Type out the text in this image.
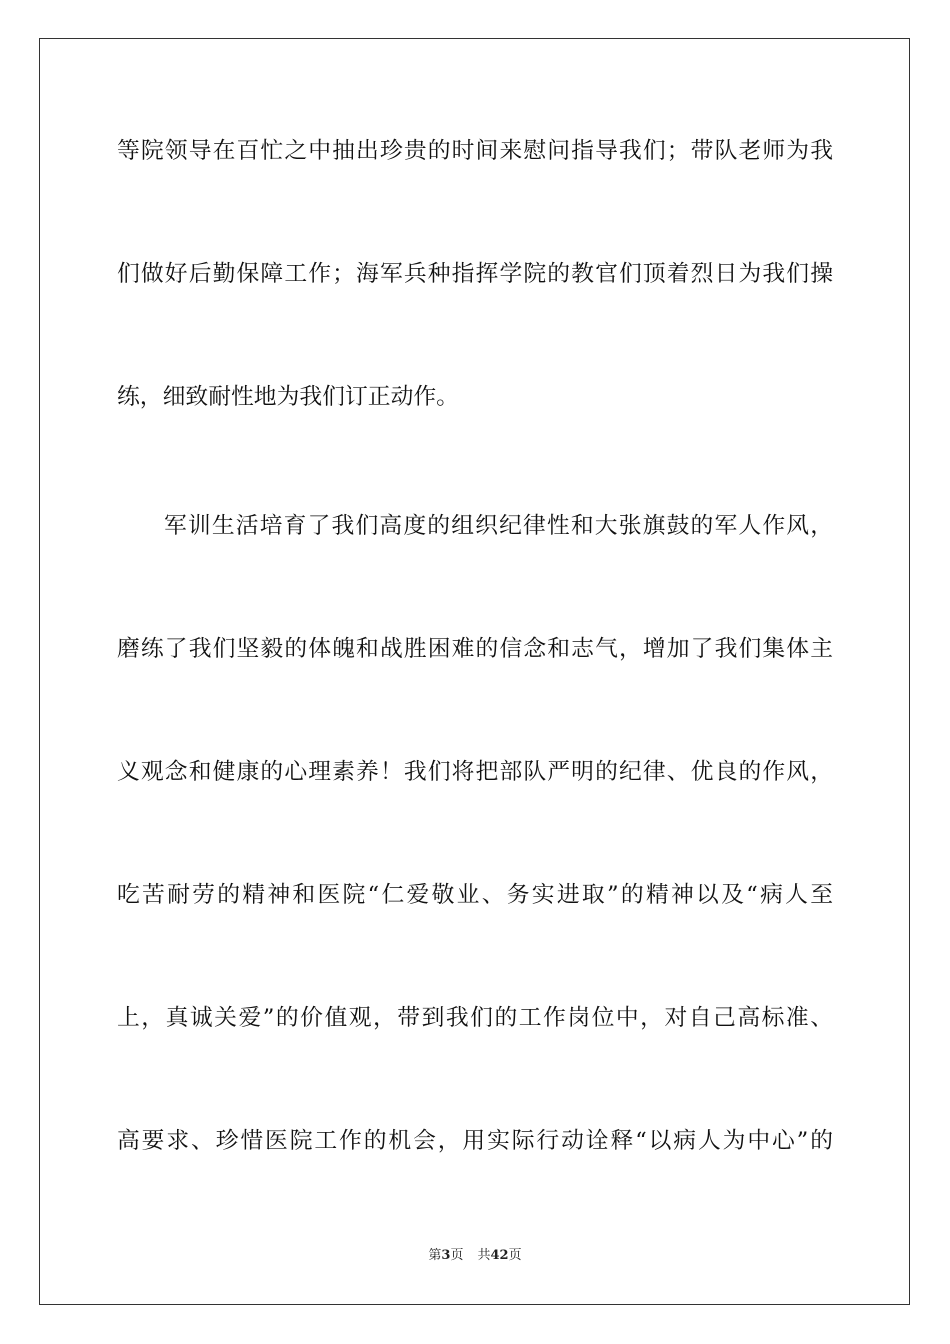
等院领导在百忙之中抽出珍贵的时间来慰问指导我们；带队老师为我
们做好后勤保障工作；海军兵种指挥学院的教官们顶着烈日为我们操
练，细致耐性地为我们订正动作。
军训生活培育了我们高度的组织纪律性和大张旗鼓的军人作风，
磨练了我们坚毅的体魄和战胜困难的信念和志气，增加了我们集体主
义观念和健康的心理素养！我们将把部队严明的纪律、优良的作风，
吃苦耐劳的精神和医院“仁爱敬业、务实进取”的精神以及“病人至
上，真诚关爱”的价值观，带到我们的工作岗位中，对自己高标准、
高要求、珍惜医院工作的机会，用实际行动诠释“以病人为中心”的
第3页 共42页
